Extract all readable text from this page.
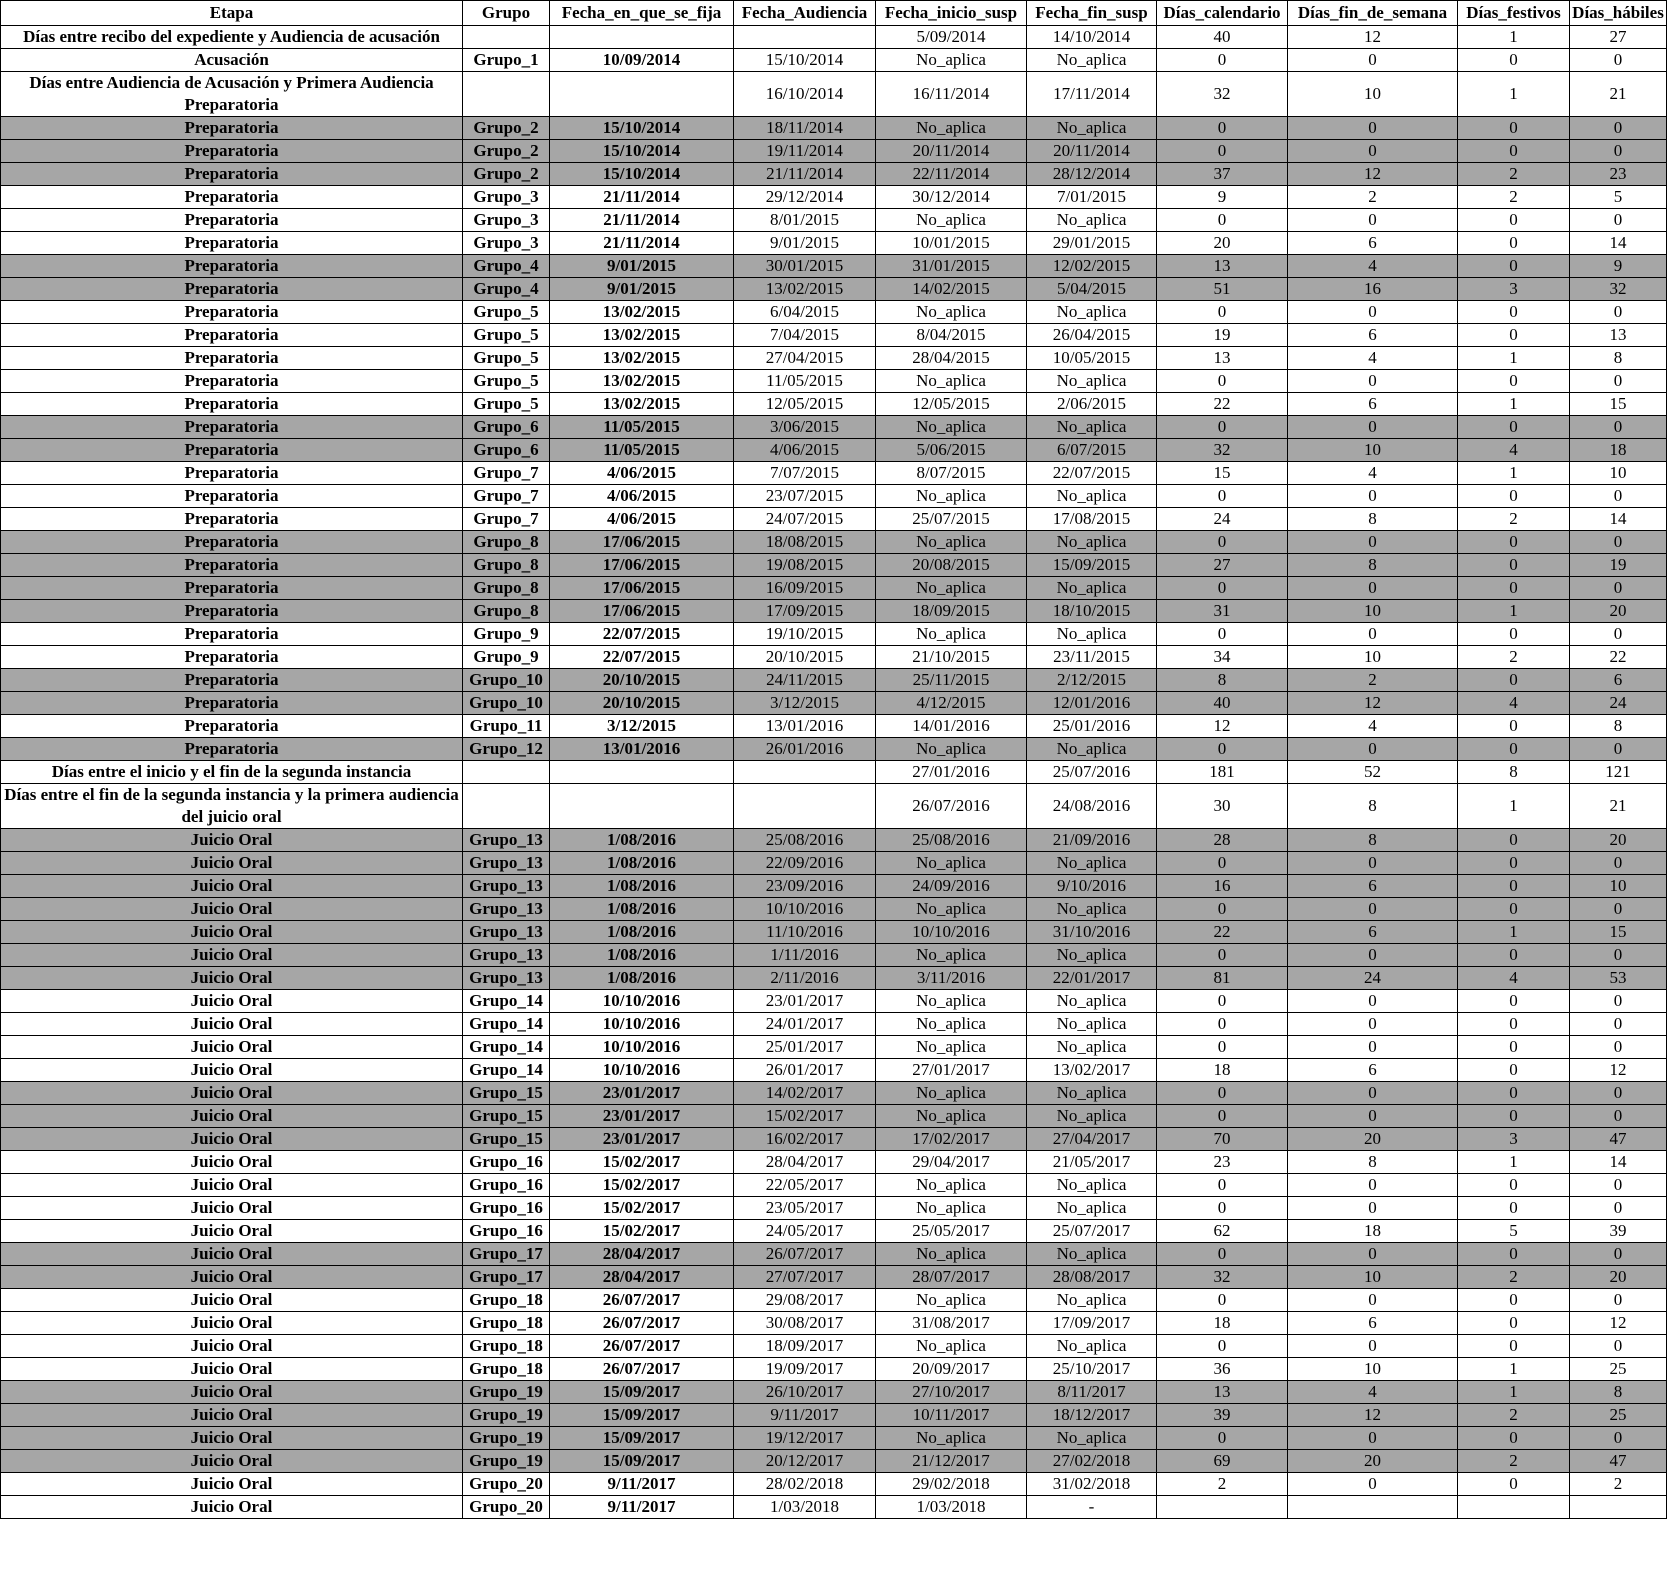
Etapa	Grupo	Fecha_en_que_se_fija	Fecha_Audiencia	Fecha_inicio_susp	Fecha_fin_susp	Días_calendario	Días_fin_de_semana	Días_festivos	Días_hábiles
Días entre recibo del expediente y Audiencia de acusación				5/09/2014	14/10/2014	40	12	1	27
Acusación	Grupo_1	10/09/2014	15/10/2014	No_aplica	No_aplica	0	0	0	0
Días entre Audiencia de Acusación y Primera Audiencia Preparatoria			16/10/2014	16/11/2014	17/11/2014	32	10	1	21
Preparatoria	Grupo_2	15/10/2014	18/11/2014	No_aplica	No_aplica	0	0	0	0
Preparatoria	Grupo_2	15/10/2014	19/11/2014	20/11/2014	20/11/2014	0	0	0	0
Preparatoria	Grupo_2	15/10/2014	21/11/2014	22/11/2014	28/12/2014	37	12	2	23
Preparatoria	Grupo_3	21/11/2014	29/12/2014	30/12/2014	7/01/2015	9	2	2	5
Preparatoria	Grupo_3	21/11/2014	8/01/2015	No_aplica	No_aplica	0	0	0	0
Preparatoria	Grupo_3	21/11/2014	9/01/2015	10/01/2015	29/01/2015	20	6	0	14
Preparatoria	Grupo_4	9/01/2015	30/01/2015	31/01/2015	12/02/2015	13	4	0	9
Preparatoria	Grupo_4	9/01/2015	13/02/2015	14/02/2015	5/04/2015	51	16	3	32
Preparatoria	Grupo_5	13/02/2015	6/04/2015	No_aplica	No_aplica	0	0	0	0
Preparatoria	Grupo_5	13/02/2015	7/04/2015	8/04/2015	26/04/2015	19	6	0	13
Preparatoria	Grupo_5	13/02/2015	27/04/2015	28/04/2015	10/05/2015	13	4	1	8
Preparatoria	Grupo_5	13/02/2015	11/05/2015	No_aplica	No_aplica	0	0	0	0
Preparatoria	Grupo_5	13/02/2015	12/05/2015	12/05/2015	2/06/2015	22	6	1	15
Preparatoria	Grupo_6	11/05/2015	3/06/2015	No_aplica	No_aplica	0	0	0	0
Preparatoria	Grupo_6	11/05/2015	4/06/2015	5/06/2015	6/07/2015	32	10	4	18
Preparatoria	Grupo_7	4/06/2015	7/07/2015	8/07/2015	22/07/2015	15	4	1	10
Preparatoria	Grupo_7	4/06/2015	23/07/2015	No_aplica	No_aplica	0	0	0	0
Preparatoria	Grupo_7	4/06/2015	24/07/2015	25/07/2015	17/08/2015	24	8	2	14
Preparatoria	Grupo_8	17/06/2015	18/08/2015	No_aplica	No_aplica	0	0	0	0
Preparatoria	Grupo_8	17/06/2015	19/08/2015	20/08/2015	15/09/2015	27	8	0	19
Preparatoria	Grupo_8	17/06/2015	16/09/2015	No_aplica	No_aplica	0	0	0	0
Preparatoria	Grupo_8	17/06/2015	17/09/2015	18/09/2015	18/10/2015	31	10	1	20
Preparatoria	Grupo_9	22/07/2015	19/10/2015	No_aplica	No_aplica	0	0	0	0
Preparatoria	Grupo_9	22/07/2015	20/10/2015	21/10/2015	23/11/2015	34	10	2	22
Preparatoria	Grupo_10	20/10/2015	24/11/2015	25/11/2015	2/12/2015	8	2	0	6
Preparatoria	Grupo_10	20/10/2015	3/12/2015	4/12/2015	12/01/2016	40	12	4	24
Preparatoria	Grupo_11	3/12/2015	13/01/2016	14/01/2016	25/01/2016	12	4	0	8
Preparatoria	Grupo_12	13/01/2016	26/01/2016	No_aplica	No_aplica	0	0	0	0
Días entre el inicio y el fin de la segunda instancia				27/01/2016	25/07/2016	181	52	8	121
Días entre el fin de la segunda instancia y la primera audiencia del juicio oral				26/07/2016	24/08/2016	30	8	1	21
Juicio Oral	Grupo_13	1/08/2016	25/08/2016	25/08/2016	21/09/2016	28	8	0	20
Juicio Oral	Grupo_13	1/08/2016	22/09/2016	No_aplica	No_aplica	0	0	0	0
Juicio Oral	Grupo_13	1/08/2016	23/09/2016	24/09/2016	9/10/2016	16	6	0	10
Juicio Oral	Grupo_13	1/08/2016	10/10/2016	No_aplica	No_aplica	0	0	0	0
Juicio Oral	Grupo_13	1/08/2016	11/10/2016	10/10/2016	31/10/2016	22	6	1	15
Juicio Oral	Grupo_13	1/08/2016	1/11/2016	No_aplica	No_aplica	0	0	0	0
Juicio Oral	Grupo_13	1/08/2016	2/11/2016	3/11/2016	22/01/2017	81	24	4	53
Juicio Oral	Grupo_14	10/10/2016	23/01/2017	No_aplica	No_aplica	0	0	0	0
Juicio Oral	Grupo_14	10/10/2016	24/01/2017	No_aplica	No_aplica	0	0	0	0
Juicio Oral	Grupo_14	10/10/2016	25/01/2017	No_aplica	No_aplica	0	0	0	0
Juicio Oral	Grupo_14	10/10/2016	26/01/2017	27/01/2017	13/02/2017	18	6	0	12
Juicio Oral	Grupo_15	23/01/2017	14/02/2017	No_aplica	No_aplica	0	0	0	0
Juicio Oral	Grupo_15	23/01/2017	15/02/2017	No_aplica	No_aplica	0	0	0	0
Juicio Oral	Grupo_15	23/01/2017	16/02/2017	17/02/2017	27/04/2017	70	20	3	47
Juicio Oral	Grupo_16	15/02/2017	28/04/2017	29/04/2017	21/05/2017	23	8	1	14
Juicio Oral	Grupo_16	15/02/2017	22/05/2017	No_aplica	No_aplica	0	0	0	0
Juicio Oral	Grupo_16	15/02/2017	23/05/2017	No_aplica	No_aplica	0	0	0	0
Juicio Oral	Grupo_16	15/02/2017	24/05/2017	25/05/2017	25/07/2017	62	18	5	39
Juicio Oral	Grupo_17	28/04/2017	26/07/2017	No_aplica	No_aplica	0	0	0	0
Juicio Oral	Grupo_17	28/04/2017	27/07/2017	28/07/2017	28/08/2017	32	10	2	20
Juicio Oral	Grupo_18	26/07/2017	29/08/2017	No_aplica	No_aplica	0	0	0	0
Juicio Oral	Grupo_18	26/07/2017	30/08/2017	31/08/2017	17/09/2017	18	6	0	12
Juicio Oral	Grupo_18	26/07/2017	18/09/2017	No_aplica	No_aplica	0	0	0	0
Juicio Oral	Grupo_18	26/07/2017	19/09/2017	20/09/2017	25/10/2017	36	10	1	25
Juicio Oral	Grupo_19	15/09/2017	26/10/2017	27/10/2017	8/11/2017	13	4	1	8
Juicio Oral	Grupo_19	15/09/2017	9/11/2017	10/11/2017	18/12/2017	39	12	2	25
Juicio Oral	Grupo_19	15/09/2017	19/12/2017	No_aplica	No_aplica	0	0	0	0
Juicio Oral	Grupo_19	15/09/2017	20/12/2017	21/12/2017	27/02/2018	69	20	2	47
Juicio Oral	Grupo_20	9/11/2017	28/02/2018	29/02/2018	31/02/2018	2	0	0	2
Juicio Oral	Grupo_20	9/11/2017	1/03/2018	1/03/2018	-				
